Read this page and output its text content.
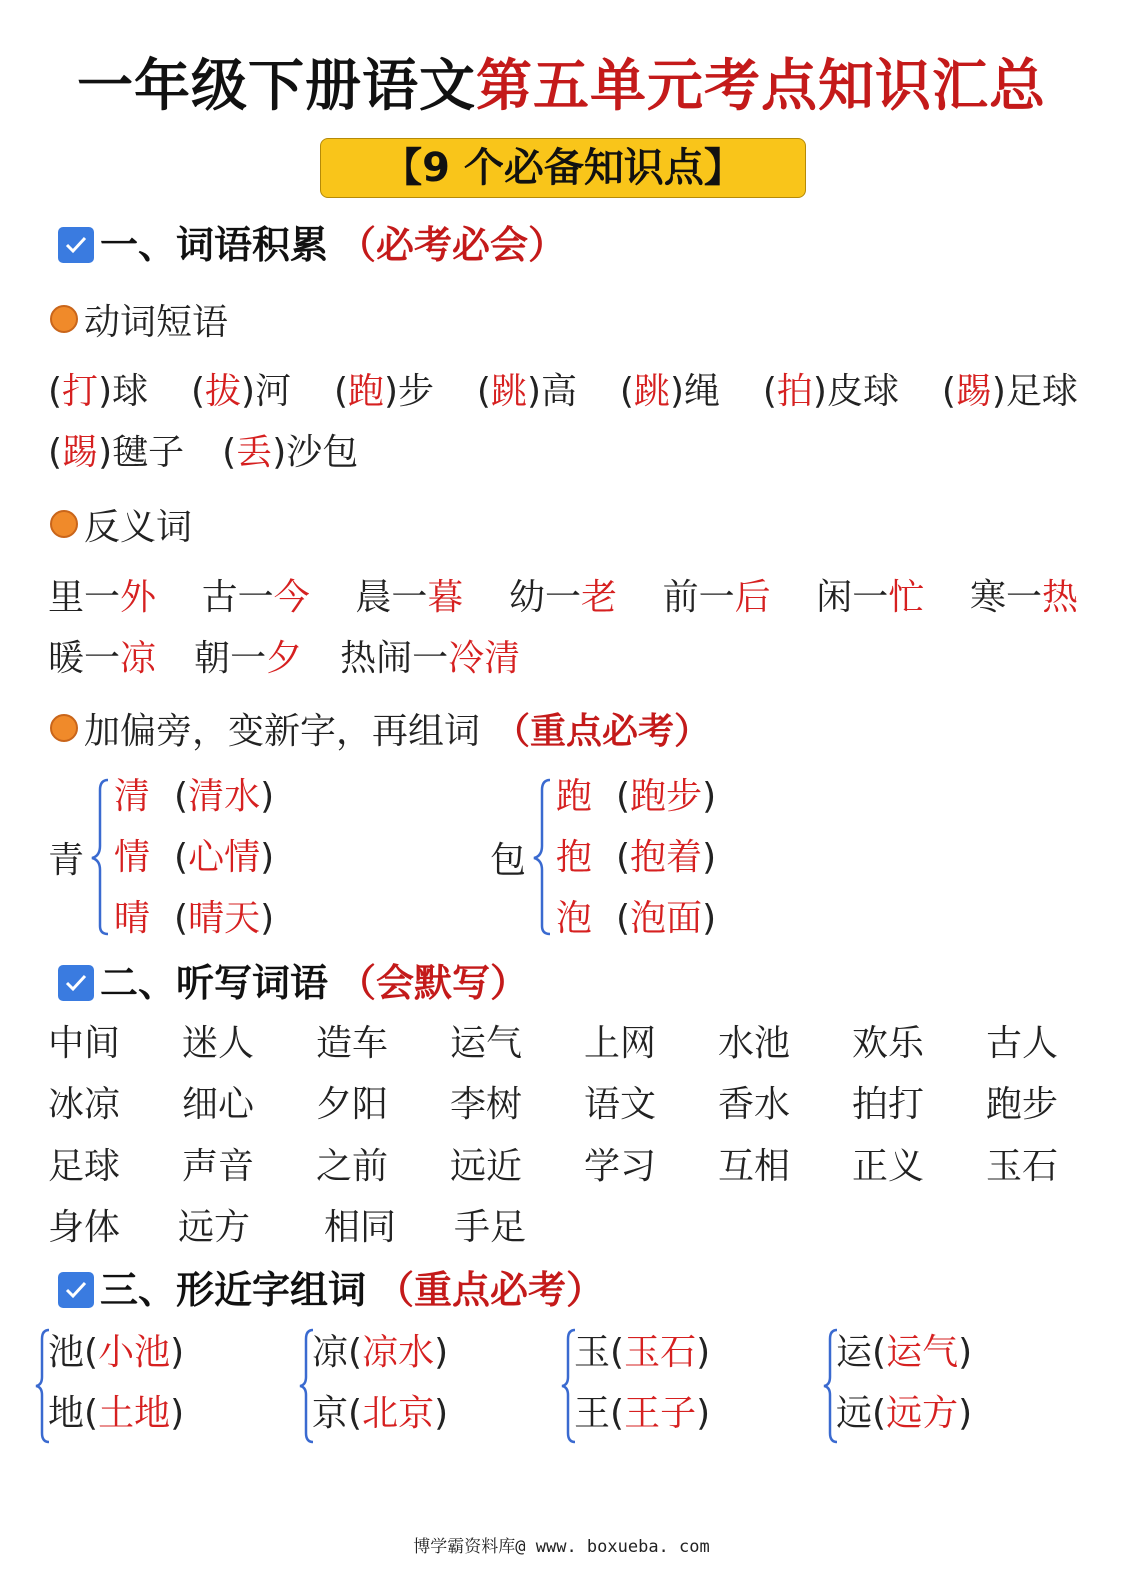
一年级下册语文第五单元考点知识汇总
【9 个必备知识点】
一、词语积累 （必考必会）
动词短语
(打)球 (拔)河 (跑)步 (跳)高 (跳)绳 (拍)皮球 (踢)足球
(踢)毽子 (丢)沙包
反义词
里一外 古一今 晨一暮 幼一老 前一后 闲一忙 寒一热
暖一凉 朝一夕 热闹一冷清
加偏旁，变新字，再组词 （重点必考）
青
清 (清水)
情 (心情)
晴 (晴天)
包
跑 (跑步)
抱 (抱着)
泡 (泡面)
二、听写词语 （会默写）
中间 迷人 造车 运气 上网 水池 欢乐 古人
冰凉 细心 夕阳 李树 语文 香水 拍打 跑步
足球 声音 之前 远近 学习 互相 正义 玉石
身体 远方 相同 手足
三、形近字组词 （重点必考）
池(小池)
地(土地)
凉(凉水)
京(北京)
玉(玉石)
王(王子)
运(运气)
远(远方)
博学霸资料库@ www. boxueba. com
